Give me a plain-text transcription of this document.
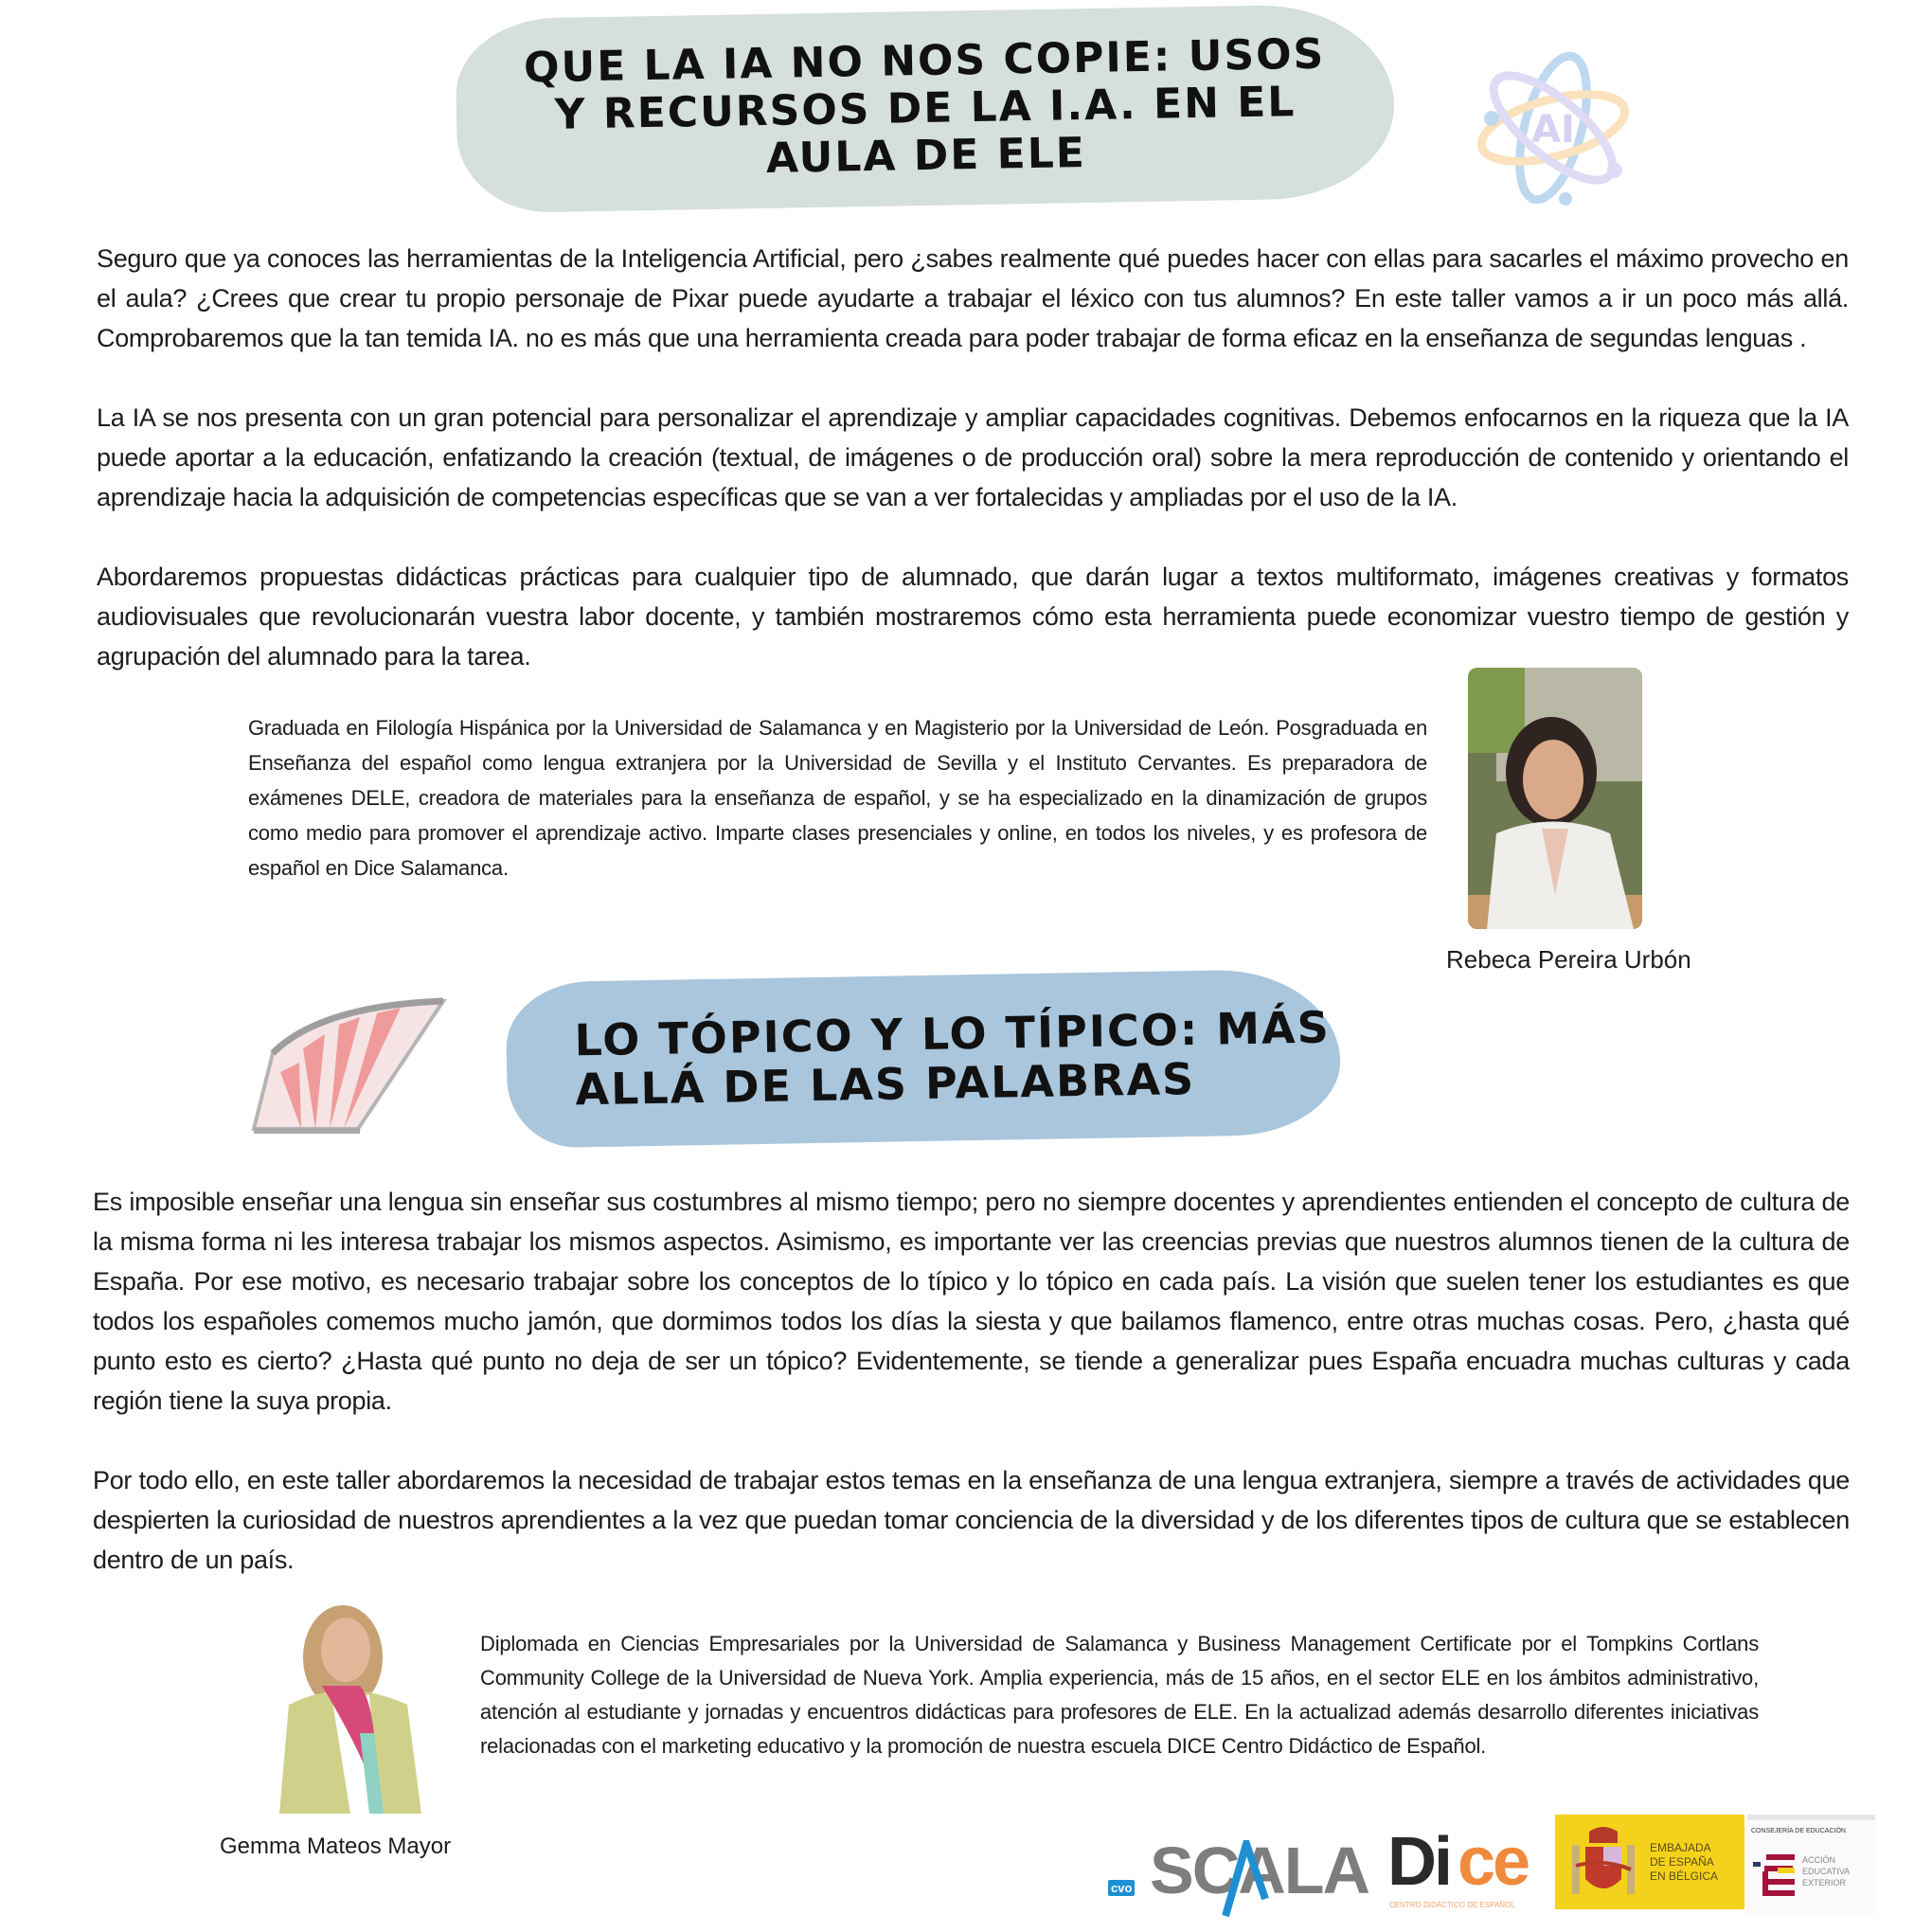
QUE LA IA NO NOS COPIE: USOS Y RECURSOS DE LA I.A. EN EL AULA DE ELE	AI
Seguro que ya conoces las herramientas de la Inteligencia Artificial, pero ¿sabes realmente qué puedes hacer con ellas para sacarles el máximo provecho en el aula? ¿Crees que crear tu propio personaje de Pixar puede ayudarte a trabajar el léxico con tus alumnos? En este taller vamos a ir un poco más allá. Comprobaremos que la tan temida IA. no es más que una herramienta creada para poder trabajar de forma eficaz en la enseñanza de segundas lenguas .
La IA se nos presenta con un gran potencial para personalizar el aprendizaje y ampliar capacidades cognitivas. Debemos enfocarnos en la riqueza que la IA puede aportar a la educación, enfatizando la creación (textual, de imágenes o de producción oral) sobre la mera reproducción de contenido y orientando el aprendizaje hacia la adquisición de competencias específicas que se van a ver fortalecidas y ampliadas por el uso de la IA.
Abordaremos propuestas didácticas prácticas para cualquier tipo de alumnado, que darán lugar a textos multiformato, imágenes creativas y formatos audiovisuales que revolucionarán vuestra labor docente, y también mostraremos cómo esta herramienta puede economizar vuestro tiempo de gestión y agrupación del alumnado para la tarea.
Graduada en Filología Hispánica por la Universidad de Salamanca y en Magisterio por la Universidad de León. Posgraduada en Enseñanza del español como lengua extranjera por la Universidad de Sevilla y el Instituto Cervantes. Es preparadora de exámenes DELE, creadora de materiales para la enseñanza de español, y se ha especializado en la dinamización de grupos como medio para promover el aprendizaje activo. Imparte clases presenciales y online, en todos los niveles, y es profesora de español en Dice Salamanca.
Rebeca Pereira Urbón
LO TÓPICO Y LO TÍPICO: MÁS
ALLÁ DE LAS PALABRAS
Es imposible enseñar una lengua sin enseñar sus costumbres al mismo tiempo; pero no siempre docentes y aprendientes entienden el concepto de cultura de la misma forma ni les interesa trabajar los mismos aspectos. Asimismo, es importante ver las creencias previas que nuestros alumnos tienen de la cultura de España. Por ese motivo, es necesario trabajar sobre los conceptos de lo típico y lo tópico en cada país. La visión que suelen tener los estudiantes es que todos los españoles comemos mucho jamón, que dormimos todos los días la siesta y que bailamos flamenco, entre otras muchas cosas. Pero, ¿hasta qué punto esto es cierto? ¿Hasta qué punto no deja de ser un tópico? Evidentemente, se tiende a generalizar pues España encuadra muchas culturas y cada región tiene la suya propia.
Por todo ello, en este taller abordaremos la necesidad de trabajar estos temas en la enseñanza de una lengua extranjera, siempre a través de actividades que despierten la curiosidad de nuestros aprendientes a la vez que puedan tomar conciencia de la diversidad y de los diferentes tipos de cultura que se establecen dentro de un país.
Gemma Mateos Mayor
Diplomada en Ciencias Empresariales por la Universidad de Salamanca y Business Management Certificate por el Tompkins Cortlans Community College de la Universidad de Nueva York. Amplia experiencia, más de 15 años, en el sector ELE en los ámbitos administrativo, atención al estudiante y jornadas y encuentros didácticas para profesores de ELE. En la actualizad además desarrollo diferentes iniciativas relacionadas con el marketing educativo y la promoción de nuestra escuela DICE Centro Didáctico de Español.
cvo SCALA Di ce
CENTRO DIDÁCTICO DE ESPAÑOL
EMBAJADA
DE ESPAÑA
EN BÉLGICA
CONSEJERÍA DE EDUCACIÓN
ACCIÓN
EDUCATIVA
EXTERIOR
